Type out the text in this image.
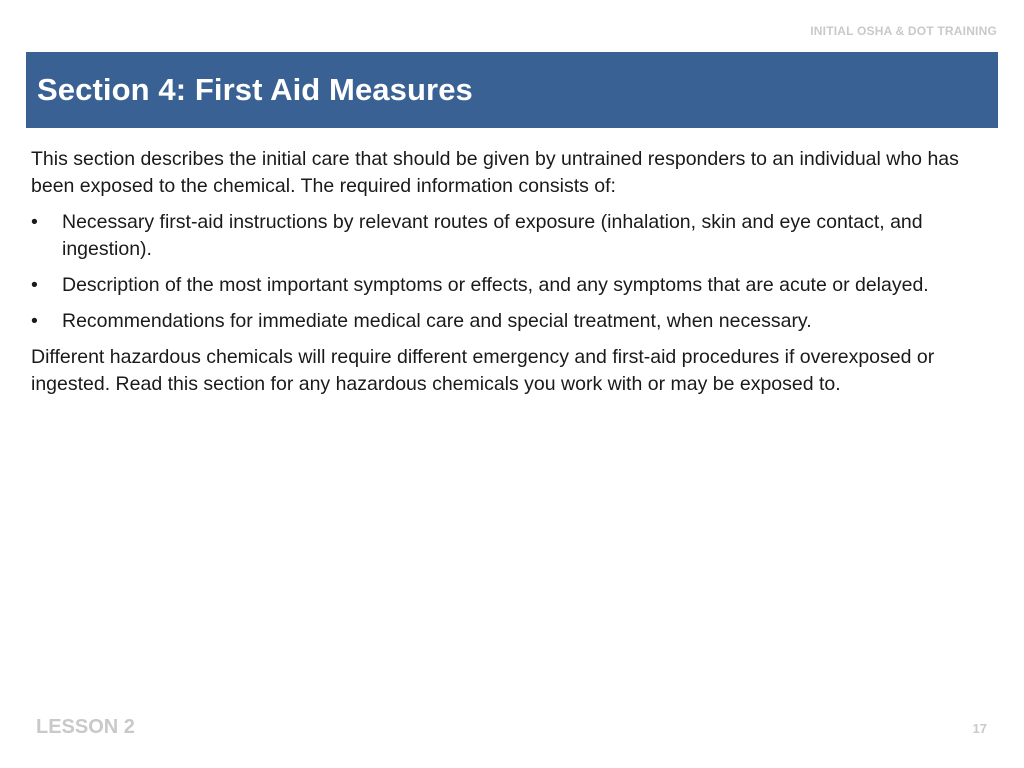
INITIAL OSHA & DOT TRAINING
Section 4: First Aid Measures

This section describes the initial care that should be given by untrained responders to an individual who has been exposed to the chemical. The required information consists of:

• Necessary first-aid instructions by relevant routes of exposure (inhalation, skin and eye contact, and ingestion).
• Description of the most important symptoms or effects, and any symptoms that are acute or delayed.
• Recommendations for immediate medical care and special treatment, when necessary.

Different hazardous chemicals will require different emergency and first-aid procedures if overexposed or ingested. Read this section for any hazardous chemicals you work with or may be exposed to.

LESSON 2	17
